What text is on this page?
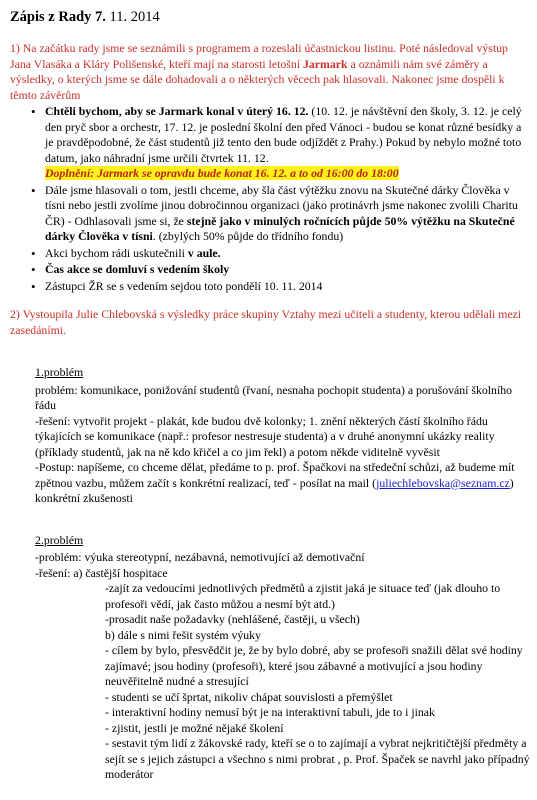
Zápis z Rady 7. 11. 2014

1) Na začátku rady jsme se seznámili s programem a rozeslali účastnickou listinu. Poté následoval výstup Jana Vlasáka a Kláry Polišenské, kteří mají na starosti letošní Jarmark a oznámili nám své záměry a výsledky, o kterých jsme se dále dohadovali a o některých věcech pak hlasovali. Nakonec jsme dospěli k těmto závěrům

• Chtěli bychom, aby se Jarmark konal v úterý 16. 12. (10. 12. je návštěvní den školy, 3. 12. je celý den pryč sbor a orchestr, 17. 12. je poslední školní den před Vánoci - budou se konat různé besídky a je pravděpodobné, že část studentů již tento den bude odjíždět z Prahy.) Pokud by nebylo možné toto datum, jako náhradní jsme určili čtvrtek 11. 12.
Doplnění: Jarmark se opravdu bude konat 16. 12. a to od 16:00 do 18:00
• Dále jsme hlasovali o tom, jestli chceme, aby šla část výtěžku znovu na Skutečné dárky Člověka v tísni nebo jestli zvolíme jinou dobročinnou organizaci (jako protinávrh jsme nakonec zvolili Charitu ČR) - Odhlasovali jsme si, že stejně jako v minulých ročnících půjde 50% výtěžku na Skutečné dárky Člověka v tísni. (zbylých 50% půjde do třídního fondu)
• Akci bychom rádi uskutečnili v aule.
• Čas akce se domluví s vedením školy
• Zástupci ŽR se s vedením sejdou toto pondělí 10. 11. 2014

2) Vystoupila Julie Chlebovská s výsledky práce skupiny Vztahy mezi učiteli a studenty, kterou udělali mezi zasedáními.

1.problém

problém: komunikace, ponižování studentů (řvaní, nesnaha pochopit studenta) a porušování školního řádu

-řešení: vytvořit projekt - plakát, kde budou dvě kolonky; 1. znění některých částí školního řádu týkajících se komunikace (např.: profesor nestresuje studenta) a v druhé anonymní ukázky reality (příklady studentů, jak na ně kdo křičel a co jim řekl) a potom někde viditelně vyvěsit

-Postup: napíšeme, co chceme dělat, předáme to p. prof. Špačkovi na středeční schůzi, až budeme mít zpětnou vazbu, můžem začít s konkrétní realizací, teď - posílat na mail (juliechlebovska@seznam.cz) konkrétní zkušenosti

2.problém

-problém: výuka stereotypní, nezábavná, nemotivující až demotivační

-řešení: a) častější hospitace

-zajít za vedoucími jednotlivých předmětů a zjistit jaká je situace teď (jak dlouho to profesoři vědí, jak často můžou a nesmí být atd.)

-prosadit naše požadavky (nehlášené, častěji, u všech)

b) dále s nimi řešit systém výuky

- cílem by bylo, přesvědčit je, že by bylo dobré, aby se profesoři snažili dělat své hodiny zajímavé; jsou hodiny (profesoři), které jsou zábavné a motivující a jsou hodiny neuvěřitelně nudné a stresující

- studenti se učí šprtat, nikoliv chápat souvislosti a přemýšlet

- interaktivní hodiny nemusí být je na interaktivní tabuli, jde to i jinak

- zjistit, jestli je možné nějaké školení

- sestavit tým lidí z žákovské rady, kteří se o to zajímají a vybrat nejkritičtější předměty a sejít se s jejich zástupci a všechno s nimi probrat , p. Prof. Špaček se navrhl jako případný moderátor
